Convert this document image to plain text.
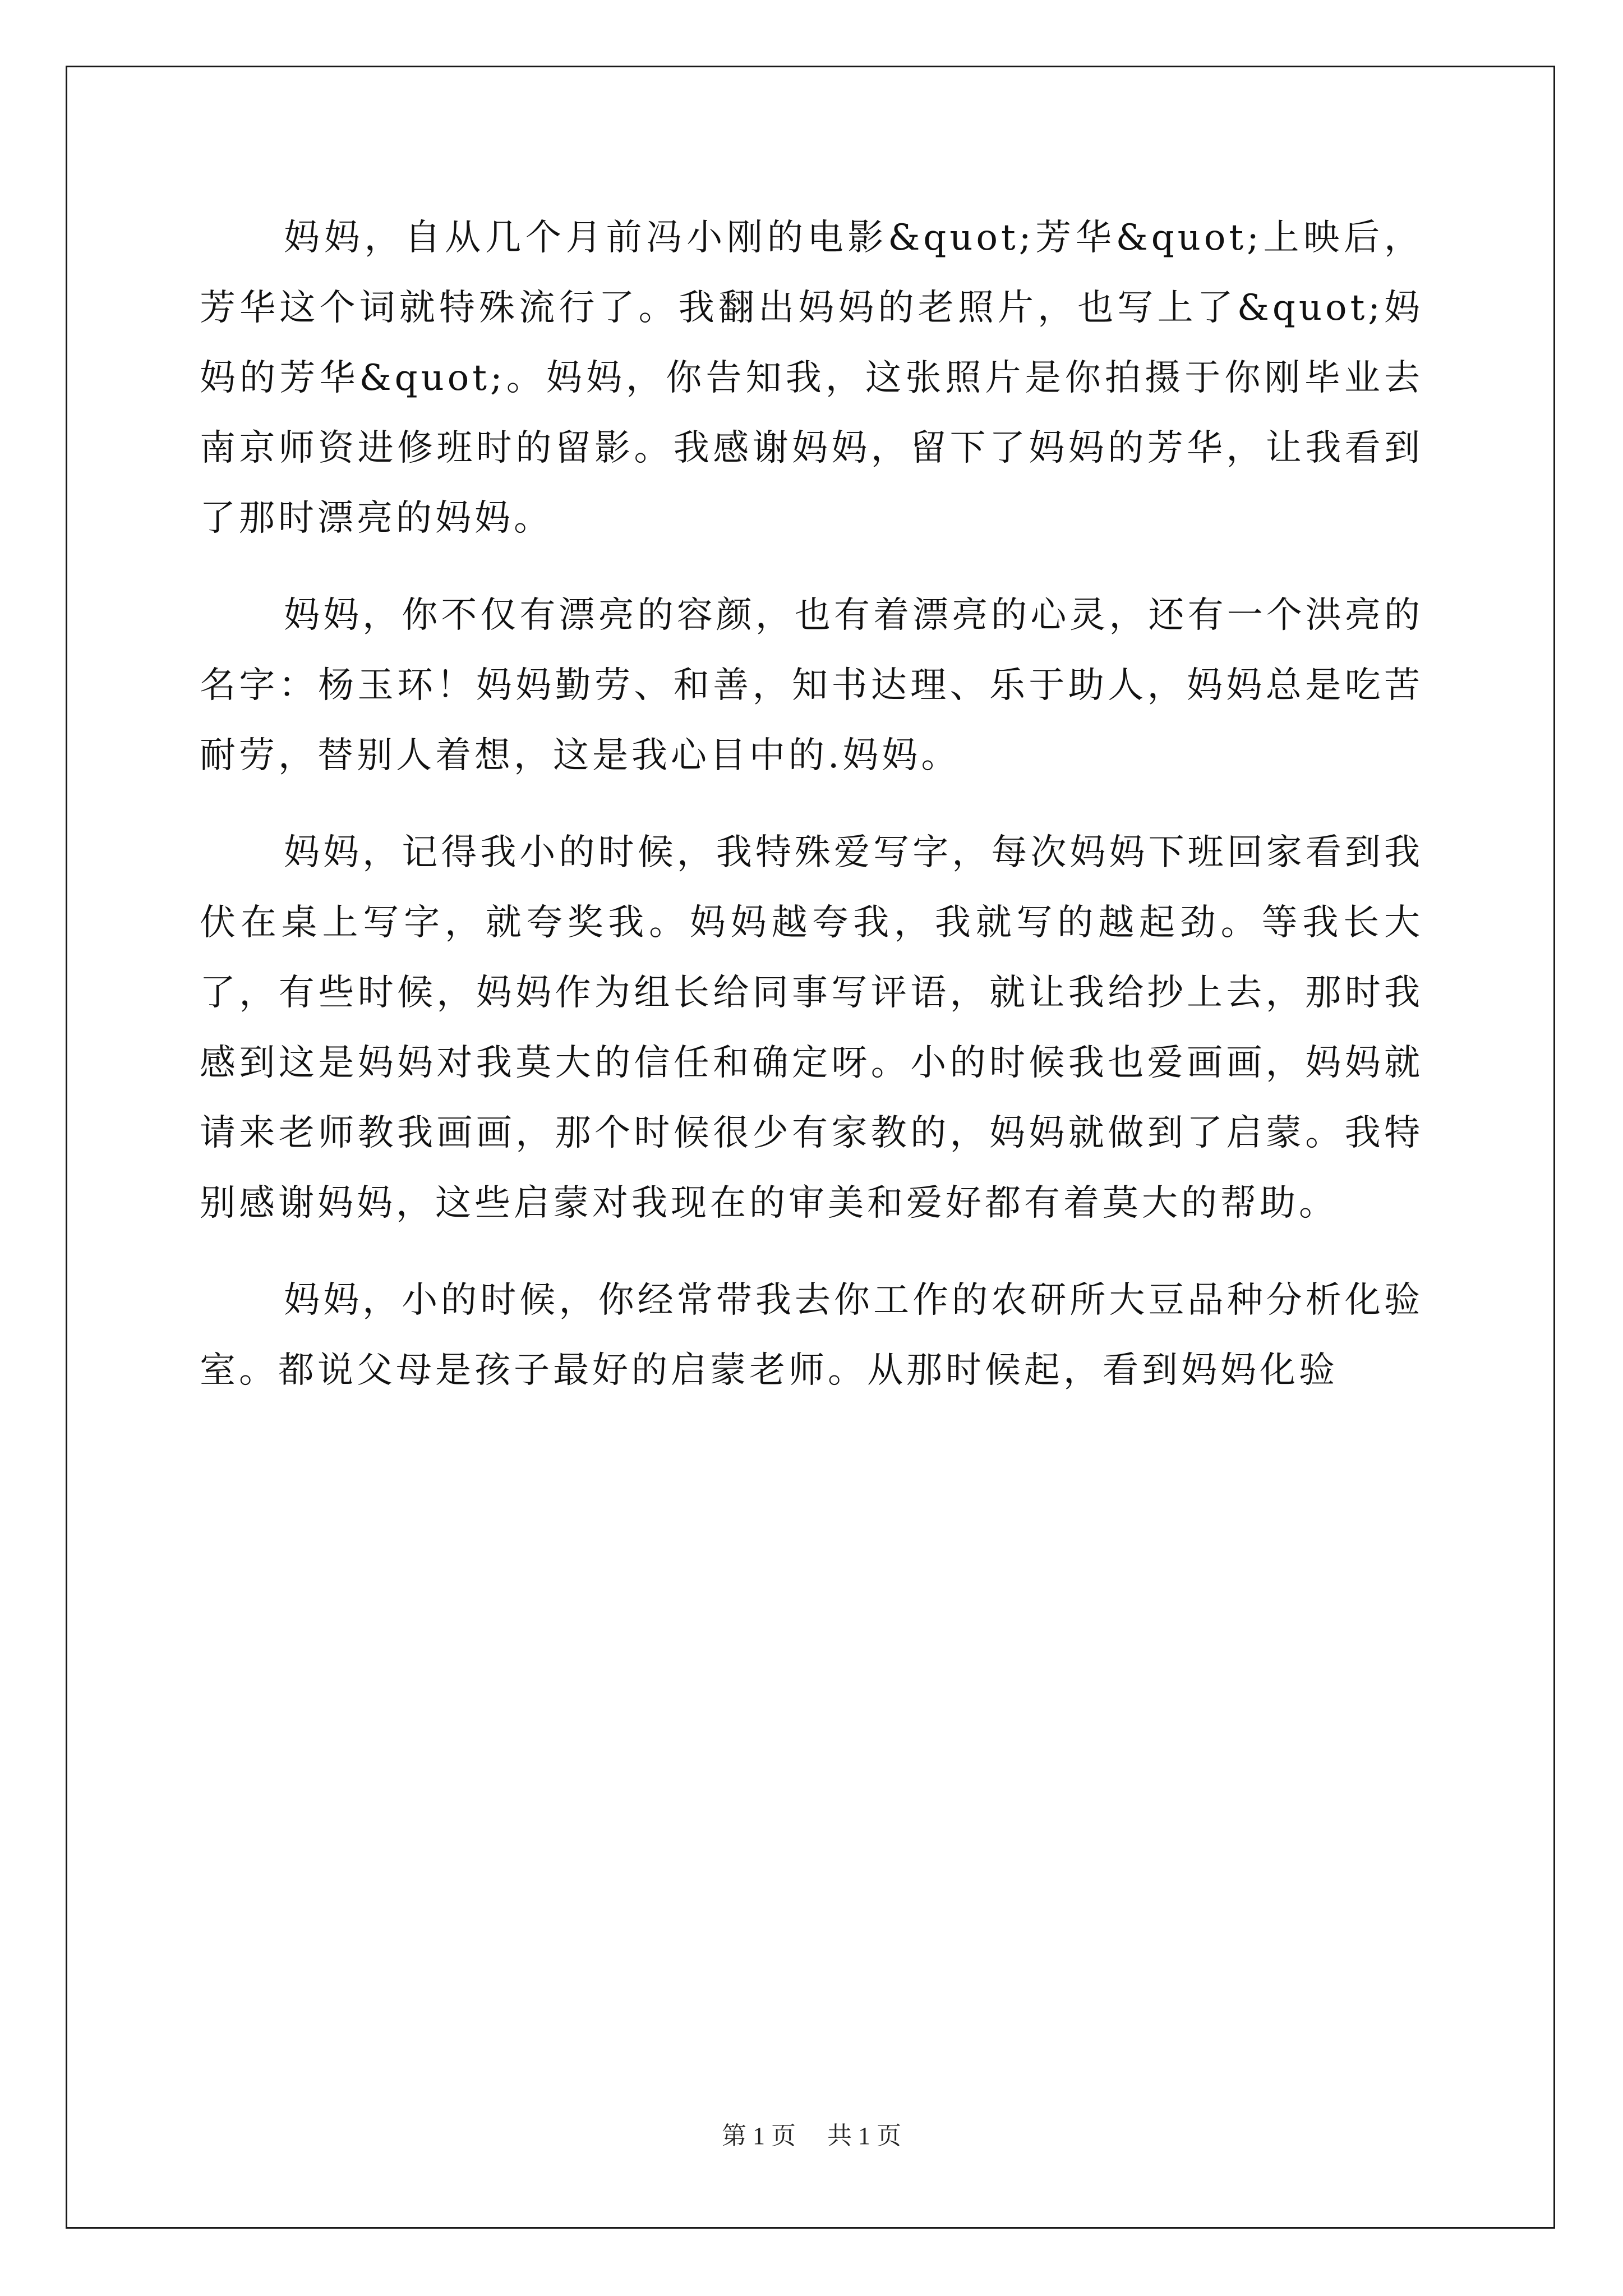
妈妈，自从几个月前冯小刚的电影&quot;芳华&quot;上映后，芳华这个词就特殊流行了。我翻出妈妈的老照片，也写上了&quot;妈妈的芳华&quot;。妈妈，你告知我，这张照片是你拍摄于你刚毕业去南京师资进修班时的留影。我感谢妈妈，留下了妈妈的芳华，让我看到了那时漂亮的妈妈。

妈妈，你不仅有漂亮的容颜，也有着漂亮的心灵，还有一个洪亮的名字：杨玉环！妈妈勤劳、和善，知书达理、乐于助人，妈妈总是吃苦耐劳，替别人着想，这是我心目中的.妈妈。

妈妈，记得我小的时候，我特殊爱写字，每次妈妈下班回家看到我伏在桌上写字，就夸奖我。妈妈越夸我，我就写的越起劲。等我长大了，有些时候，妈妈作为组长给同事写评语，就让我给抄上去，那时我感到这是妈妈对我莫大的信任和确定呀。小的时候我也爱画画，妈妈就请来老师教我画画，那个时候很少有家教的，妈妈就做到了启蒙。我特别感谢妈妈，这些启蒙对我现在的审美和爱好都有着莫大的帮助。

妈妈，小的时候，你经常带我去你工作的农研所大豆品种分析化验室。都说父母是孩子最好的启蒙老师。从那时候起，看到妈妈化验

第 1 页 共 1 页
